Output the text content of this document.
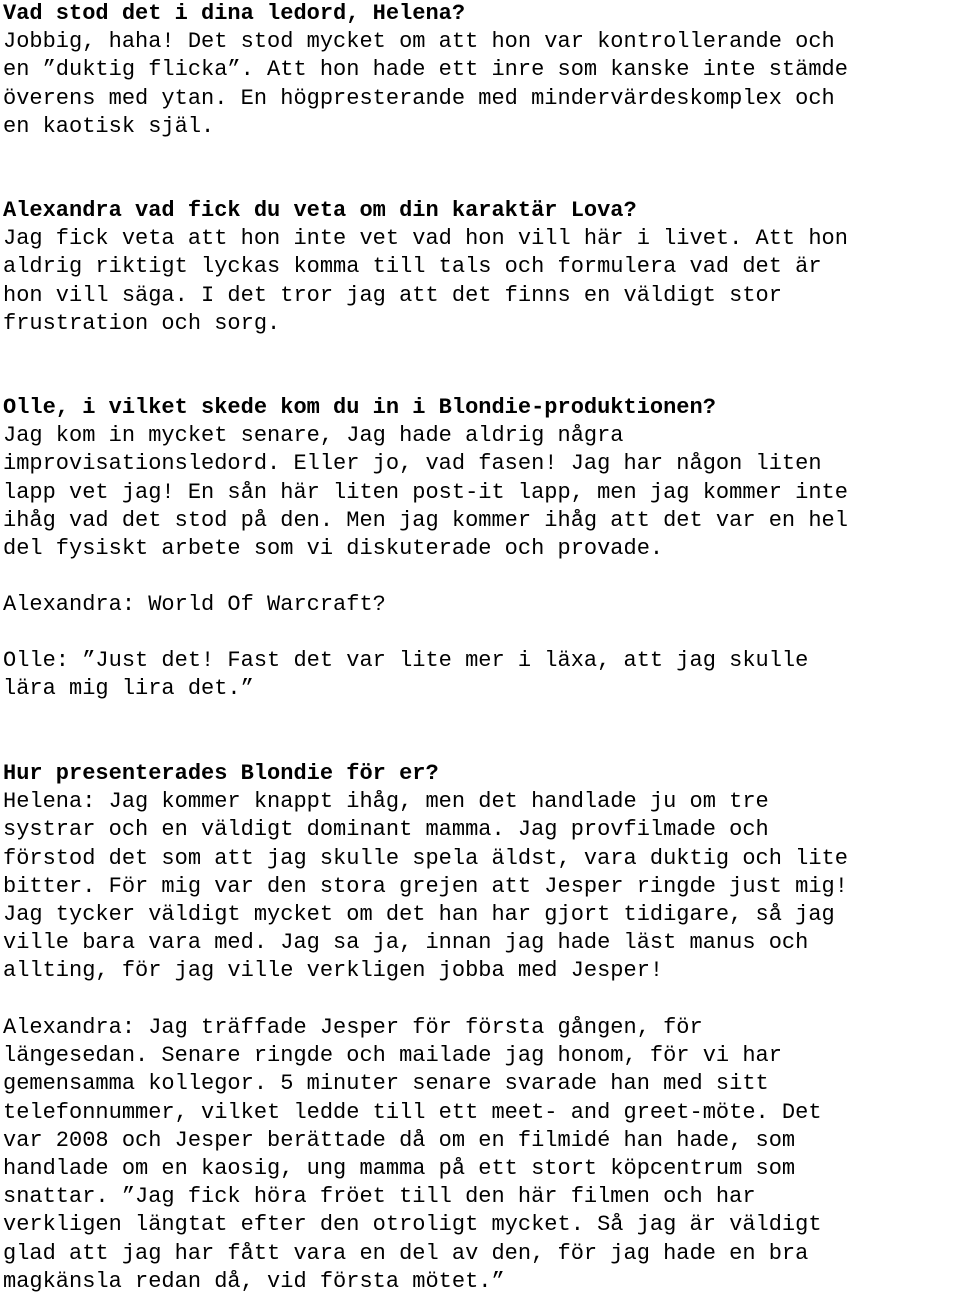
Vad stod det i dina ledord, Helena?

Jobbig, haha! Det stod mycket om att hon var kontrollerande och

en ”duktig flicka”. Att hon hade ett inre som kanske inte stämde

överens med ytan. En högpresterande med mindervärdeskomplex och

en kaotisk själ.

Alexandra vad fick du veta om din karaktär Lova?

Jag fick veta att hon inte vet vad hon vill här i livet. Att hon

aldrig riktigt lyckas komma till tals och formulera vad det är

hon vill säga. I det tror jag att det finns en väldigt stor

frustration och sorg.

Olle, i vilket skede kom du in i Blondie-produktionen?

Jag kom in mycket senare, Jag hade aldrig några

improvisationsledord. Eller jo, vad fasen! Jag har någon liten

lapp vet jag! En sån här liten post-it lapp, men jag kommer inte

ihåg vad det stod på den. Men jag kommer ihåg att det var en hel

del fysiskt arbete som vi diskuterade och provade.

Alexandra: World Of Warcraft?

Olle: ”Just det! Fast det var lite mer i läxa, att jag skulle

lära mig lira det.”

Hur presenterades Blondie för er?

Helena: Jag kommer knappt ihåg, men det handlade ju om tre

systrar och en väldigt dominant mamma. Jag provfilmade och

förstod det som att jag skulle spela äldst, vara duktig och lite

bitter. För mig var den stora grejen att Jesper ringde just mig!

Jag tycker väldigt mycket om det han har gjort tidigare, så jag

ville bara vara med. Jag sa ja, innan jag hade läst manus och

allting, för jag ville verkligen jobba med Jesper!

Alexandra: Jag träffade Jesper för första gången, för

längesedan. Senare ringde och mailade jag honom, för vi har

gemensamma kollegor. 5 minuter senare svarade han med sitt

telefonnummer, vilket ledde till ett meet- and greet-möte. Det

var 2008 och Jesper berättade då om en filmidé han hade, som

handlade om en kaosig, ung mamma på ett stort köpcentrum som

snattar. ”Jag fick höra fröet till den här filmen och har

verkligen längtat efter den otroligt mycket. Så jag är väldigt

glad att jag har fått vara en del av den, för jag hade en bra

magkänsla redan då, vid första mötet.”
